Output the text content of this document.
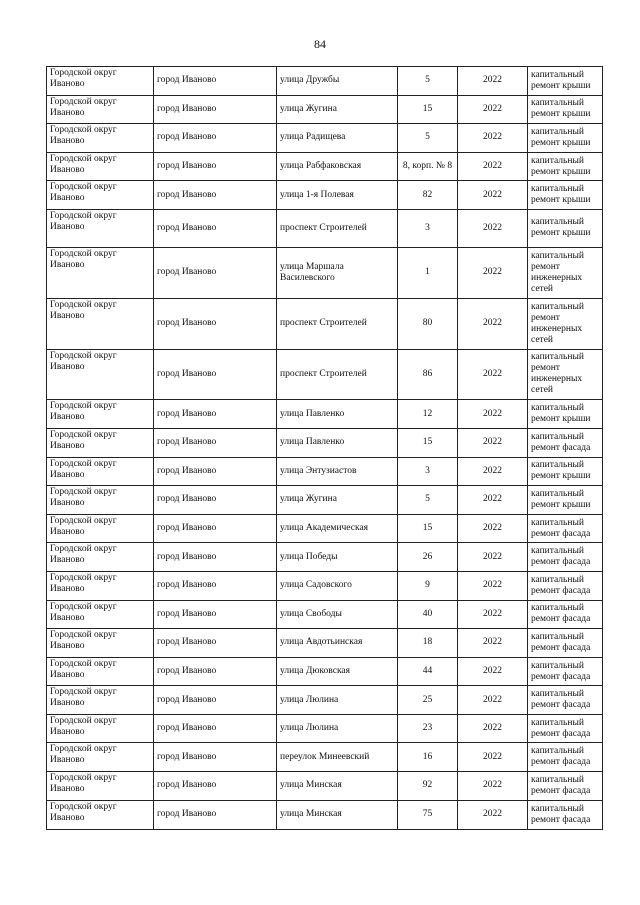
84
Городской округ Иваново	город Иваново	улица Дружбы	5	2022	капитальный ремонт крыши
Городской округ Иваново	город Иваново	улица Жугина	15	2022	капитальный ремонт крыши
Городской округ Иваново	город Иваново	улица Радищева	5	2022	капитальный ремонт крыши
Городской округ Иваново	город Иваново	улица Рабфаковская	8, корп. № 8	2022	капитальный ремонт крыши
Городской округ Иваново	город Иваново	улица 1-я Полевая	82	2022	капитальный ремонт крыши
Городской округ Иваново	город Иваново	проспект Строителей	3	2022	капитальный ремонт крыши
Городской округ Иваново	город Иваново	улица Маршала Василевского	1	2022	капитальный ремонт инженерных сетей
Городской округ Иваново	город Иваново	проспект Строителей	80	2022	капитальный ремонт инженерных сетей
Городской округ Иваново	город Иваново	проспект Строителей	86	2022	капитальный ремонт инженерных сетей
Городской округ Иваново	город Иваново	улица Павленко	12	2022	капитальный ремонт крыши
Городской округ Иваново	город Иваново	улица Павленко	15	2022	капитальный ремонт фасада
Городской округ Иваново	город Иваново	улица Энтузиастов	3	2022	капитальный ремонт крыши
Городской округ Иваново	город Иваново	улица Жугина	5	2022	капитальный ремонт крыши
Городской округ Иваново	город Иваново	улица Академическая	15	2022	капитальный ремонт фасада
Городской округ Иваново	город Иваново	улица Победы	26	2022	капитальный ремонт фасада
Городской округ Иваново	город Иваново	улица Садовского	9	2022	капитальный ремонт фасада
Городской округ Иваново	город Иваново	улица Свободы	40	2022	капитальный ремонт фасада
Городской округ Иваново	город Иваново	улица Авдотьинская	18	2022	капитальный ремонт фасада
Городской округ Иваново	город Иваново	улица Дюковская	44	2022	капитальный ремонт фасада
Городской округ Иваново	город Иваново	улица Люлина	25	2022	капитальный ремонт фасада
Городской округ Иваново	город Иваново	улица Люлина	23	2022	капитальный ремонт фасада
Городской округ Иваново	город Иваново	переулок Минеевский	16	2022	капитальный ремонт фасада
Городской округ Иваново	город Иваново	улица Минская	92	2022	капитальный ремонт фасада
Городской округ Иваново	город Иваново	улица Минская	75	2022	капитальный ремонт фасада
